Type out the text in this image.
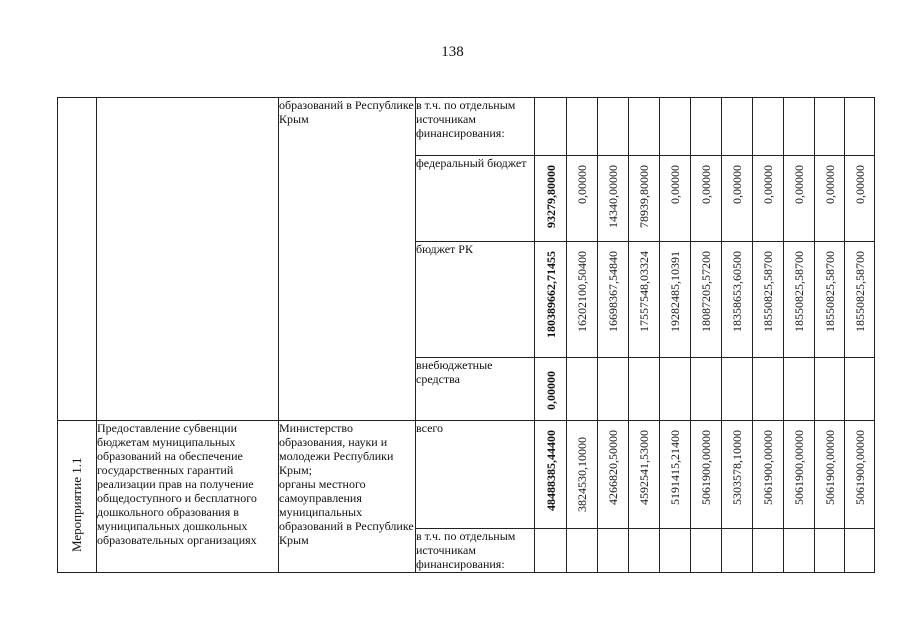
138
		образований в Республике Крым	в т.ч. по отдельным источникам финансирования:	

			федеральный бюджет	93279,80000	0,00000	14340,00000	78939,80000	0,00000	0,00000	0,00000	0,00000	0,00000	0,00000	0,00000

			бюджет РК	180389662,71455	16202100,50400	16698367,54840	17557548,03324	19282485,10391	18087205,57200	18358653,60500	18550825,58700	18550825,58700	18550825,58700	18550825,58700

			внебюджетные средства	0,00000										

Мероприятие 1.1	Предоставление субвенции бюджетам муниципальных образований на обеспечение государственных гарантий реализации прав на получение общедоступного и бесплатного дошкольного образования в муниципальных дошкольных образовательных организациях	Министерство образования, науки и молодежи Республики Крым;
органы местного самоуправления муниципальных образований в Республике Крым	всего	48488385,44400	3824530,10000	4266820,50000	4592541,53000	5191415,21400	5061900,00000	5303578,10000	5061900,00000	5061900,00000	5061900,00000	5061900,00000

			в т.ч. по отдельным источникам финансирования:	
